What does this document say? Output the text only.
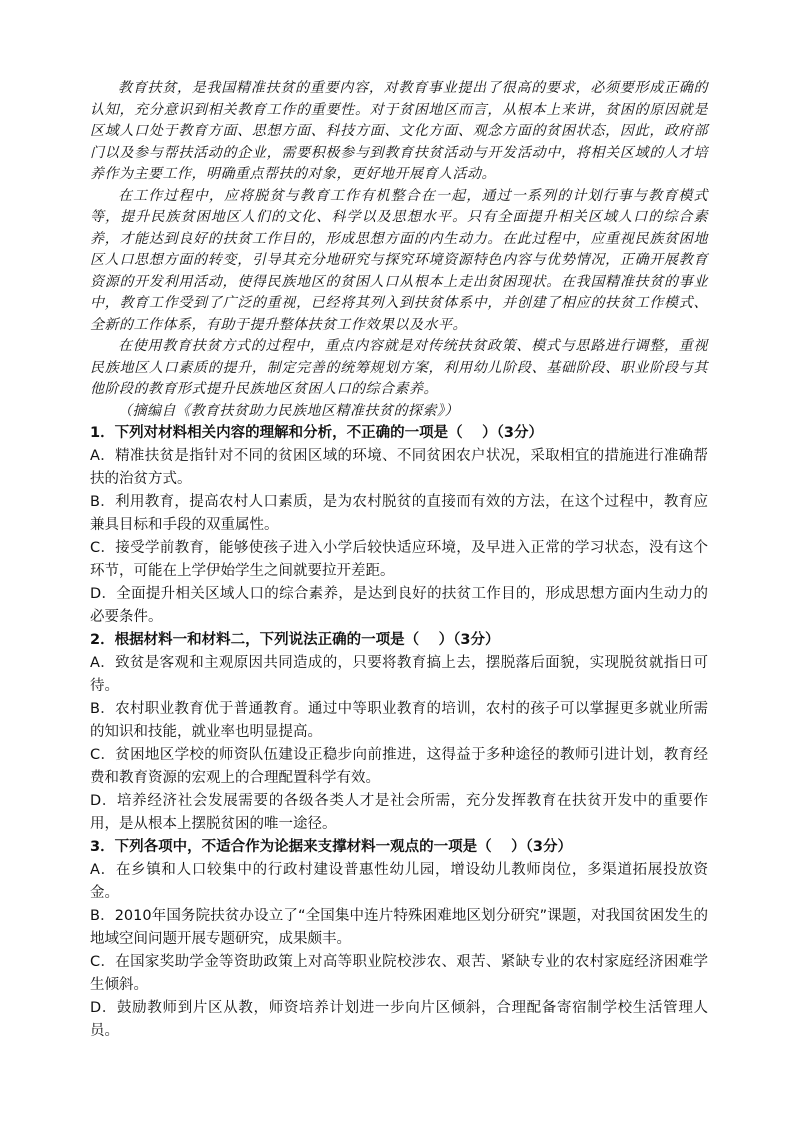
教育扶贫，是我国精准扶贫的重要内容，对教育事业提出了很高的要求，必须要形成正确的认知，充分意识到相关教育工作的重要性。对于贫困地区而言，从根本上来讲，贫困的原因就是区域人口处于教育方面、思想方面、科技方面、文化方面、观念方面的贫困状态，因此，政府部门以及参与帮扶活动的企业，需要积极参与到教育扶贫活动与开发活动中，将相关区域的人才培养作为主要工作，明确重点帮扶的对象，更好地开展育人活动。

在工作过程中，应将脱贫与教育工作有机整合在一起，通过一系列的计划行事与教育模式等，提升民族贫困地区人们的文化、科学以及思想水平。只有全面提升相关区域人口的综合素养，才能达到良好的扶贫工作目的，形成思想方面的内生动力。在此过程中，应重视民族贫困地区人口思想方面的转变，引导其充分地研究与探究环境资源特色内容与优势情况，正确开展教育资源的开发利用活动，使得民族地区的贫困人口从根本上走出贫困现状。在我国精准扶贫的事业中，教育工作受到了广泛的重视，已经将其列入到扶贫体系中，并创建了相应的扶贫工作模式、全新的工作体系，有助于提升整体扶贫工作效果以及水平。

在使用教育扶贫方式的过程中，重点内容就是对传统扶贫政策、模式与思路进行调整，重视民族地区人口素质的提升，制定完善的统筹规划方案，利用幼儿阶段、基础阶段、职业阶段与其他阶段的教育形式提升民族地区贫困人口的综合素养。

（摘编自《教育扶贫助力民族地区精准扶贫的探索》）

1．下列对材料相关内容的理解和分析，不正确的一项是（　 ）（3分）

A．精准扶贫是指针对不同的贫困区域的环境、不同贫困农户状况，采取相宜的措施进行准确帮扶的治贫方式。

B．利用教育，提高农村人口素质，是为农村脱贫的直接而有效的方法，在这个过程中，教育应兼具目标和手段的双重属性。

C．接受学前教育，能够使孩子进入小学后较快适应环境，及早进入正常的学习状态，没有这个环节，可能在上学伊始学生之间就要拉开差距。

D．全面提升相关区域人口的综合素养，是达到良好的扶贫工作目的，形成思想方面内生动力的必要条件。

2．根据材料一和材料二，下列说法正确的一项是（　 ）（3分）

A．致贫是客观和主观原因共同造成的，只要将教育搞上去，摆脱落后面貌，实现脱贫就指日可待。

B．农村职业教育优于普通教育。通过中等职业教育的培训，农村的孩子可以掌握更多就业所需的知识和技能，就业率也明显提高。

C．贫困地区学校的师资队伍建设正稳步向前推进，这得益于多种途径的教师引进计划，教育经费和教育资源的宏观上的合理配置科学有效。

D．培养经济社会发展需要的各级各类人才是社会所需，充分发挥教育在扶贫开发中的重要作用，是从根本上摆脱贫困的唯一途径。

3．下列各项中，不适合作为论据来支撑材料一观点的一项是（　 ）（3分）

A．在乡镇和人口较集中的行政村建设普惠性幼儿园，增设幼儿教师岗位，多渠道拓展投放资金。

B．2010年国务院扶贫办设立了“全国集中连片特殊困难地区划分研究”课题，对我国贫困发生的地域空间问题开展专题研究，成果颇丰。

C．在国家奖助学金等资助政策上对高等职业院校涉农、艰苦、紧缺专业的农村家庭经济困难学生倾斜。

D．鼓励教师到片区从教，师资培养计划进一步向片区倾斜，合理配备寄宿制学校生活管理人员。
